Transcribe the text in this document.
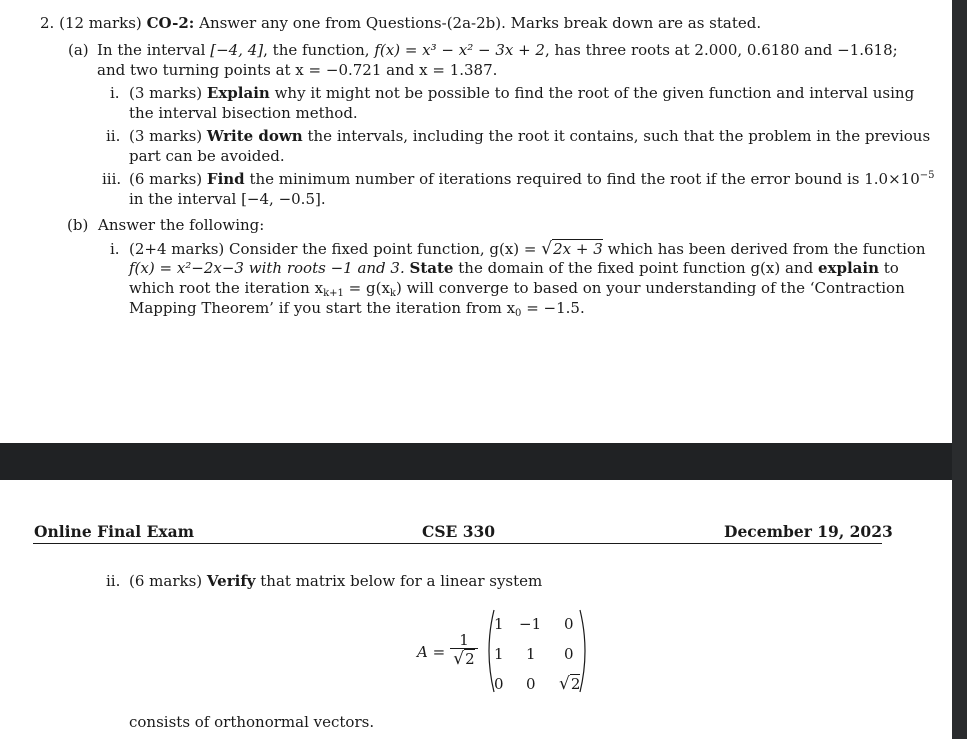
2. (12 marks) CO-2: Answer any one from Questions-(2a-2b). Marks break down are as stated.
(a) In the interval [−4, 4], the function, f(x) = x³ − x² − 3x + 2, has three roots at 2.000, 0.6180 and −1.618;
and two turning points at x = −0.721 and x = 1.387.
i. (3 marks) Explain why it might not be possible to find the root of the given function and interval using
the interval bisection method.
ii. (3 marks) Write down the intervals, including the root it contains, such that the problem in the previous
part can be avoided.
iii. (6 marks) Find the minimum number of iterations required to find the root if the error bound is $1.0\times 10^{-5}$
in the interval [−4, −0.5].
(b) Answer the following:
i. (2+4 marks) Consider the fixed point function, g(x) = √2x + 3 which has been derived from the function
f(x) = x²−2x−3 with roots −1 and 3. State the domain of the fixed point function g(x) and explain to
which root the iteration $x_{k+1} = g(x_k)$ will converge to based on your understanding of the ‘Contraction
Mapping Theorem’ if you start the iteration from $x_0 = -1.5$.
Online Final Exam	CSE 330	December 19, 2023
ii. (6 marks) Verify that matrix below for a linear system
$A = \frac{1}{√2}$
1 −1 0
1 1 0
0 0 √2
consists of orthonormal vectors.
